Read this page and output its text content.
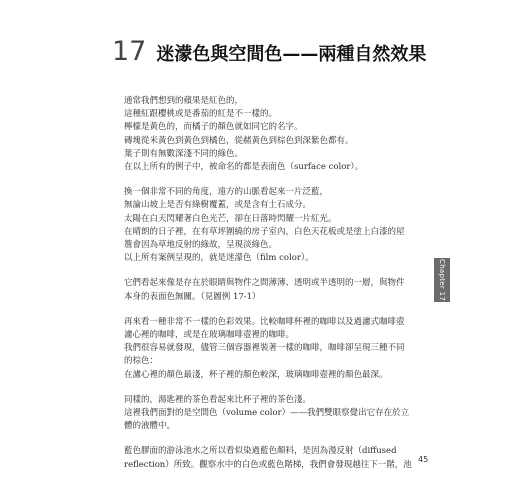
17 迷濛色與空間色——兩種自然效果
通常我們想到的蘋果是紅色的，
這種紅跟櫻桃或是番茄的紅是不一樣的。
檸檬是黃色的，而橘子的顏色就如同它的名字。
磚塊從米黃色到黃色到橘色，從赭黃色到棕色到深紫色都有。
葉子則有無數深淺不同的綠色。
在以上所有的例子中，被命名的都是表面色（surface color）。
換一個非常不同的角度，遠方的山脈看起來一片泛藍，
無論山坡上是否有綠樹覆蓋，或是含有土石成分。
太陽在白天閃耀著白色光芒，卻在日落時閃耀一片紅光。
在晴朗的日子裡，在有草坪圍繞的房子室內，白色天花板或是塗上白漆的屋
簷會因為草地反射的綠故，呈現淡綠色。
以上所有案例呈現的，就是迷濛色（film color）。
它們看起來像是存在於眼睛與物件之間薄薄、透明或半透明的一層，與物件
本身的表面色無關。（見圖例 17-1）
再來看一種非常不一樣的色彩效果。比較咖啡杯裡的咖啡以及過濾式咖啡壺
濾心裡的咖啡，或是在玻璃咖啡壺裡的咖啡。
我們很容易就發現，儘管三個容器裡裝著一樣的咖啡，咖啡卻呈現三種不同
的棕色：
在濾心裡的顏色最淺，杯子裡的顏色較深，玻璃咖啡壺裡的顏色最深。
同樣的，湯匙裡的茶色看起來比杯子裡的茶色淺。
這裡我們面對的是空間色（volume color）——我們雙眼察覺出它存在於立
體的液體中。
藍色膠面的游泳池水之所以看似染過藍色顏料，是因為漫反射（diffused
reflection）所致。觀察水中的白色或藍色階梯，我們會發現越往下一階，池
Chapter 17
45
